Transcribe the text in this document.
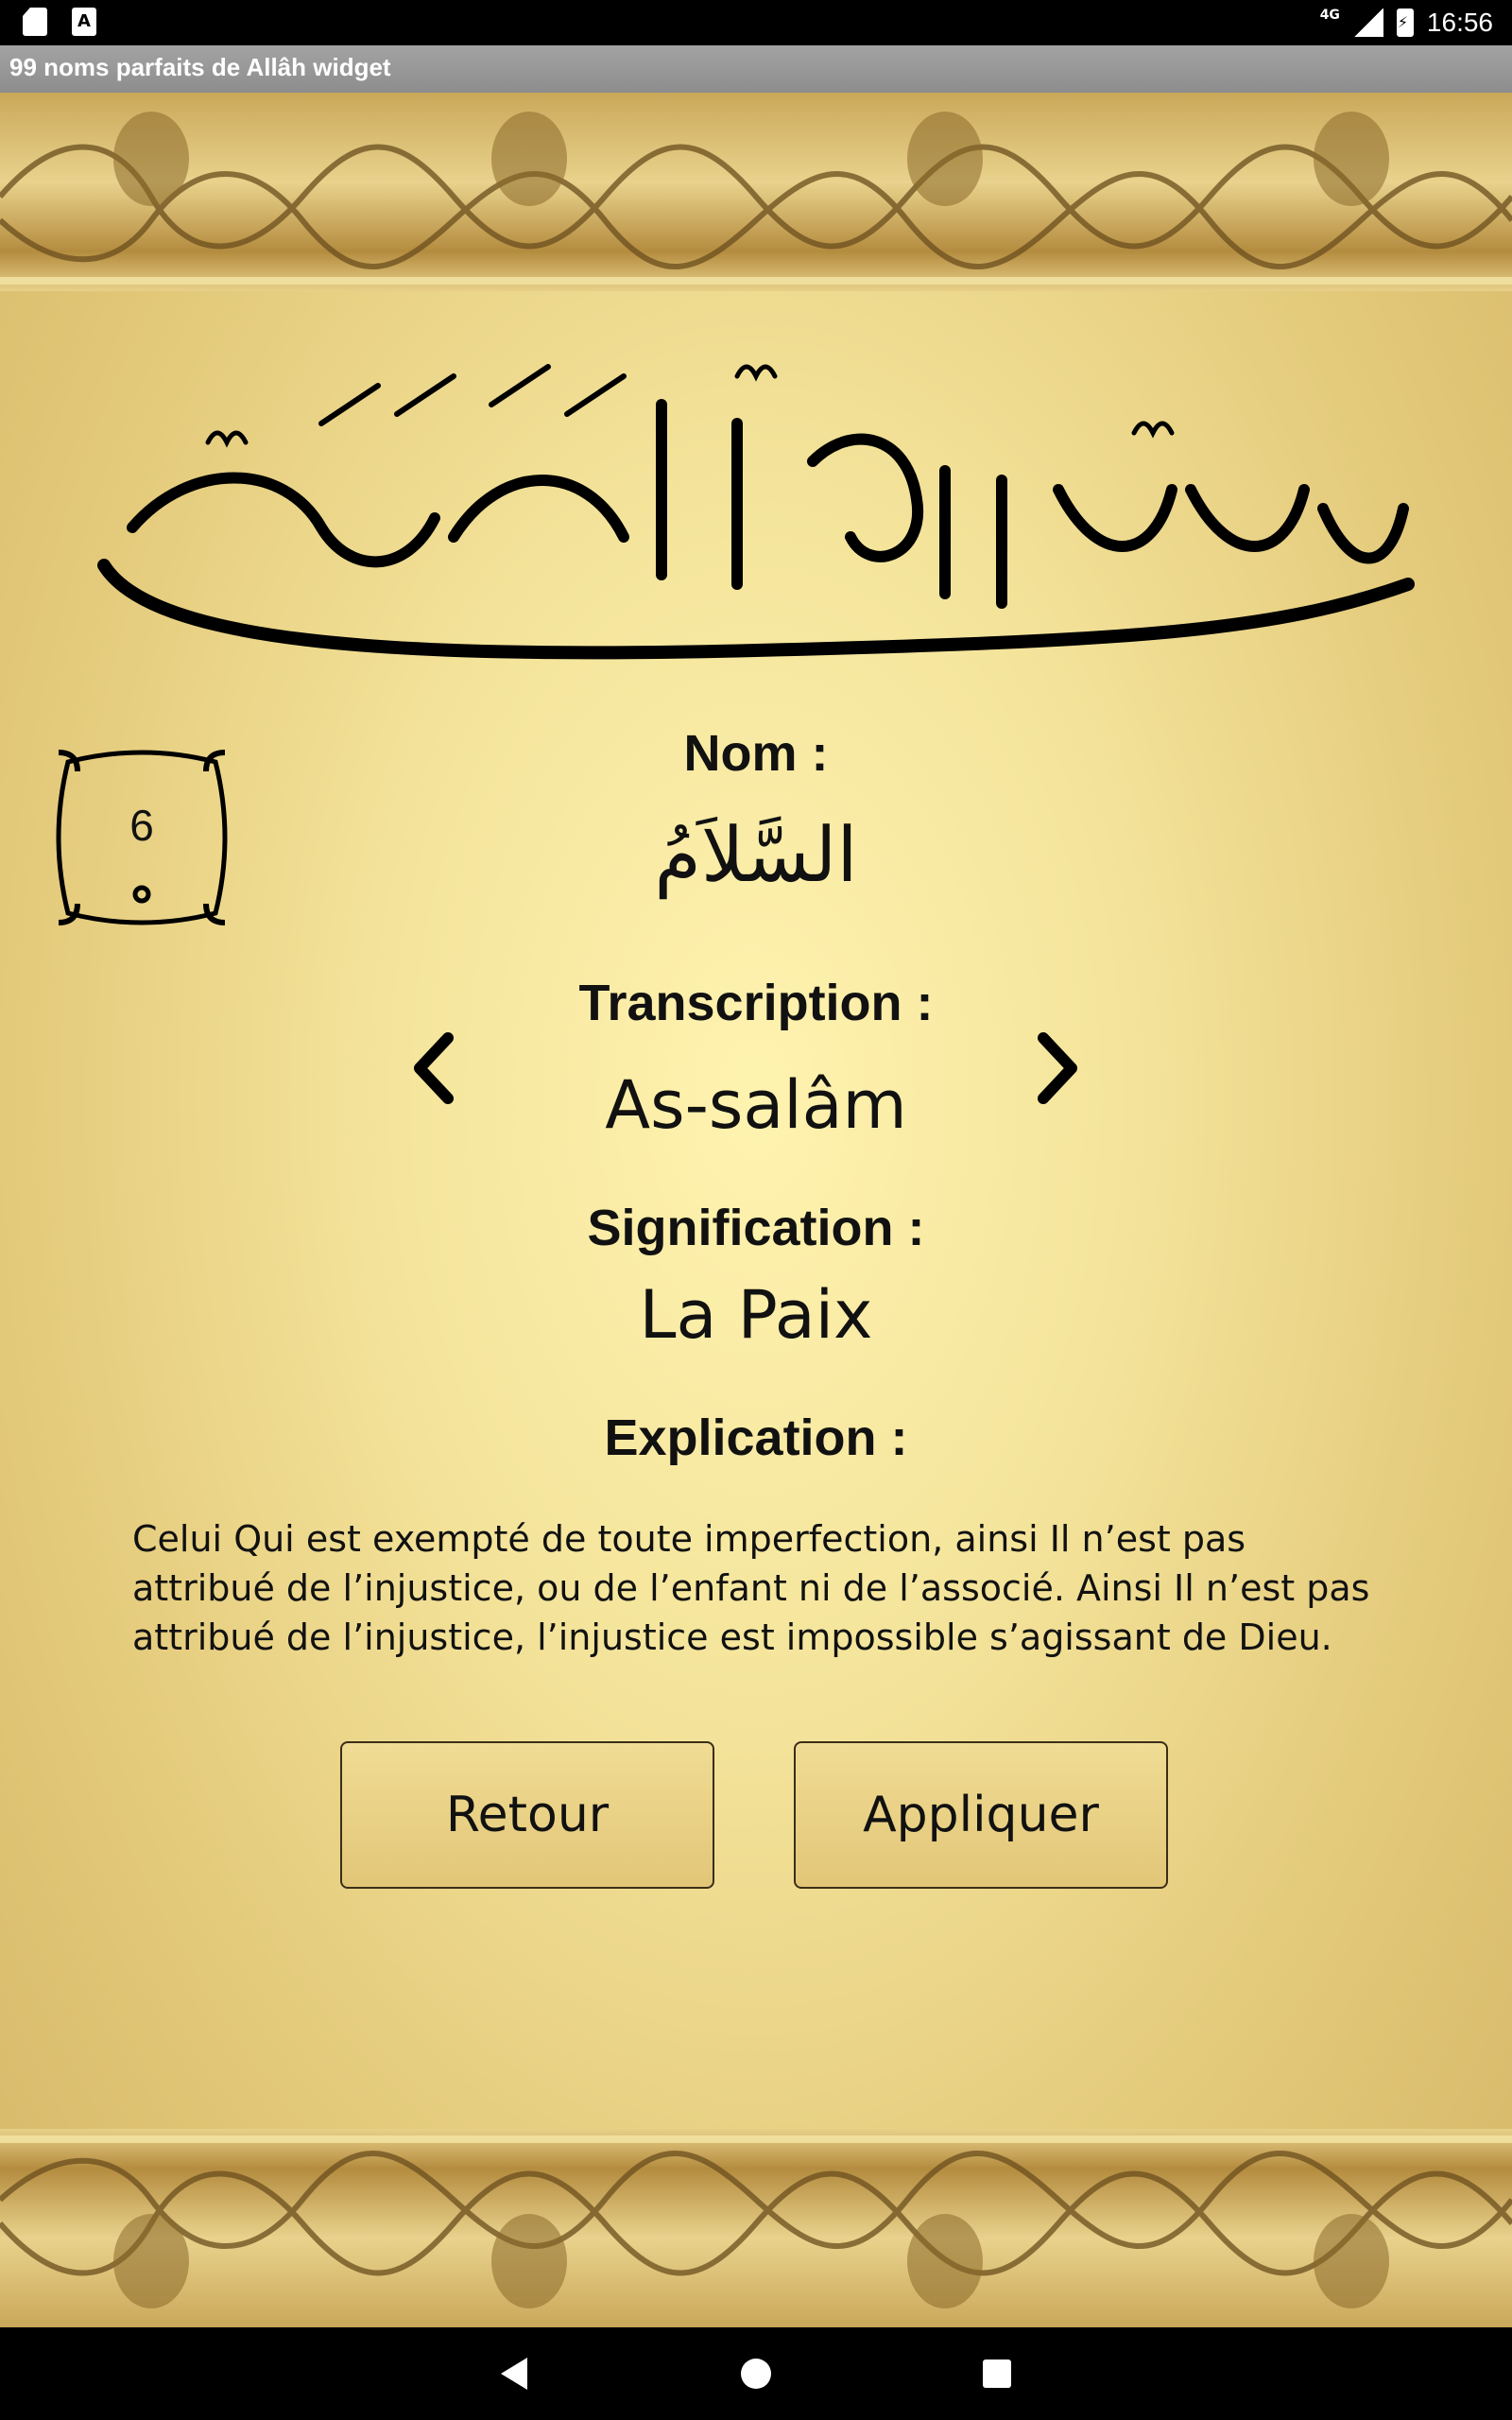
A	4G
⚡	16:56
99 noms parfaits de Allâh widget
6
Nom :
السَّلاَمُ
Transcription :
As-salâm
Signification :
La Paix
Explication :
Celui Qui est exempté de toute imperfection, ainsi Il n’est pas attribué de l’injustice, ou de l’enfant ni de l’associé. Ainsi Il n’est pas attribué de l’injustice, l’injustice est impossible s’agissant de Dieu.
Retour	Appliquer
